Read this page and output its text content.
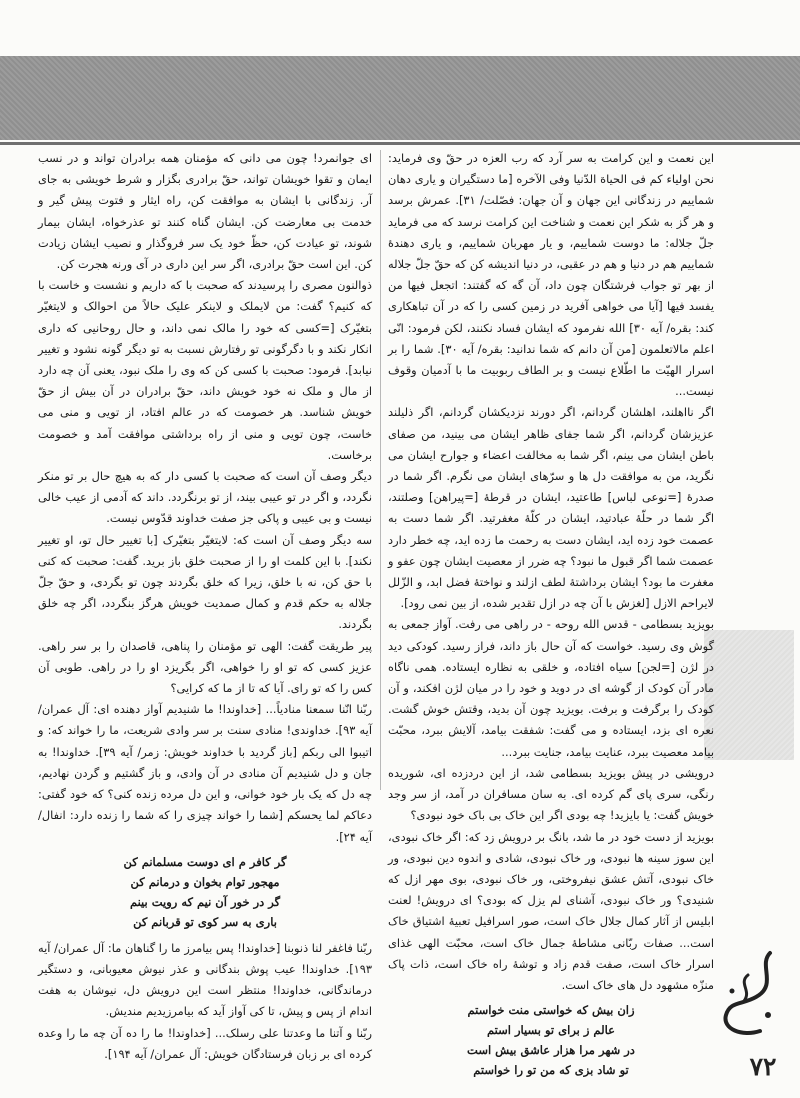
این نعمت و این کرامت به سر آرد که رب العزه در حقّ وی فرماید: نحن اولیاء کم فی الحیاة الدّنیا وفی الآخره [ما دستگیران و یاری دهان شماییم در زندگانی این جهان و آن جهان: فصّلت/ ۳۱]. عمرش برسد و هر گز به شکر این نعمت و شناخت این کرامت نرسد که می فرماید جلّ جلاله: ما دوست شماییم، و یار مهربان شماییم، و یاری دهندهٔ شماییم هم در دنیا و هم در عقبی، در دنیا اندیشه کن که حقّ جلّ جلاله از بهر تو جواب فرشتگان چون داد، آن گه که گفتند: اتجعل فیها من یفسد فیها [آیا می خواهی آفرید در زمین کسی را که در آن تباهکاری کند: بقره/ آیه ۳۰] الله نفرمود که ایشان فساد نکنند، لکن فرمود: انّی اعلم مالاتعلمون [من آن دانم که شما ندانید: بقره/ آیه ۳۰]. شما را بر اسرار الهیّت ما اطّلاع نیست و بر الطاف ربوبیت ما با آدمیان وقوف نیست...

اگر نااهلند، اهلشان گردانم، اگر دورند نزدیکشان گردانم، اگر ذلیلند عزیزشان گردانم، اگر شما جفای ظاهر ایشان می بینید، من صفای باطن ایشان می بینم، اگر شما به مخالفت اعضاء و جوارح ایشان می نگرید، من به موافقت دل ها و سرّهای ایشان می نگرم. اگر شما در صدرهٔ [=نوعی لباس] طاعتید، ایشان در قرطهٔ [=پیراهن] وصلتند، اگر شما در حلّهٔ عبادتید، ایشان در کلّهٔ مغفرتید. اگر شما دست به عصمت خود زده اید، ایشان دست به رحمت ما زده اید، چه خطر دارد عصمت شما اگر قبول ما نبود؟ چه ضرر از معصیت ایشان چون عفو و مغفرت ما بود؟ ایشان برداشتهٔ لطف ازلند و نواختهٔ فضل ابد، و الزّلل لایراحم الازل [لغزش با آن چه در ازل تقدیر شده، از بین نمی رود].

بویزید بسطامی - قدس الله روحه - در راهی می رفت. آواز جمعی به گوش وی رسید. خواست که آن حال باز داند، فراز رسید. کودکی دید در لژن [=لجن] سیاه افتاده، و خلقی به نظاره ایستاده. همی ناگاه مادر آن کودک از گوشه ای در دوید و خود را در میان لژن افکند، و آن کودک را برگرفت و برفت. بویزید چون آن بدید، وقتش خوش گشت. نعره ای بزد، ایستاده و می گفت: شفقت بیامد، آلایش ببرد، محبّت بیامد معصیت ببرد، عنایت بیامد، جنایت ببرد...

درویشی در پیش بویزید بسطامی شد، از این دردزده ای، شوریده رنگی، سری پای گم کرده ای. به سان مسافران در آمد، از سر وجد خویش گفت: یا بایزید! چه بودی اگر این خاک بی باک خود نبودی؟

بویزید از دست خود در ما شد، بانگ بر درویش زد که: اگر خاک نبودی، این سوز سینه ها نبودی، ور خاک نبودی، شادی و اندوه دین نبودی، ور خاک نبودی، آتش عشق نیفروختی، ور خاک نبودی، بوی مهر ازل که شنیدی؟ ور خاک نبودی، آشنای لم یزل که بودی؟ ای درویش! لعنت ابلیس از آثار کمال جلال خاک است، صور اسرافیل تعبیهٔ اشتیاق خاک است... صفات ربّانی مشاطهٔ جمال خاک است، محبّت الهی غذای اسرار خاک است، صفت قدم زاد و توشهٔ راه خاک است، ذات پاک منزّه مشهود دل های خاک است.

زان بیش که خواستی منت خواستم
عالم ز برای تو بسیار استم
در شهر مرا هزار عاشق بیش است
تو شاد بزی که من تو را خواستم

ای جوانمرد! چون می دانی که مؤمنان همه برادران تواند و در نسب ایمان و تقوا خویشان تواند، حقّ برادری بگزار و شرط خویشی به جای آر. زندگانی با ایشان به موافقت کن، راه ایثار و فتوت پیش گیر و خدمت بی معارضت کن. ایشان گناه کنند تو عذرخواه، ایشان بیمار شوند، تو عیادت کن، حظّ خود یک سر فروگذار و نصیب ایشان زیادت کن. این است حقّ برادری، اگر سر این داری در آی ورنه هجرت کن.

ذوالنون مصری را پرسیدند که صحبت با که داریم و نشست و خاست با که کنیم؟ گفت: من لایملک و لاینکر علیک حالاً من احوالک و لایتغیّر بتغیّرک [=کسی که خود را مالک نمی داند، و حال روحانیی که داری انکار نکند و با دگرگونی تو رفتارش نسبت به تو دیگر گونه نشود و تغییر نیابد]. فرمود: صحبت با کسی کن که وی را ملک نبود، یعنی آن چه دارد از مال و ملک نه خود خویش داند، حقّ برادران در آن بیش از حقّ خویش شناسد. هر خصومت که در عالم افتاد، از تویی و منی می خاست، چون تویی و منی از راه برداشتی موافقت آمد و خصومت برخاست.

دیگر وصف آن است که صحبت با کسی دار که به هیچ حال بر تو منکر نگردد، و اگر در تو عیبی بیند، از تو برنگردد. داند که آدمی از عیب خالی نیست و بی عیبی و پاکی جز صفت خداوند قدّوس نیست.

سه دیگر وصف آن است که: لایتغیّر بتغیّرک [با تغییر حال تو، او تغییر نکند]. با این کلمت او را از صحبت خلق باز برید. گفت: صحبت که کنی با حق کن، نه با خلق، زیرا که خلق بگردند چون تو بگردی، و حقّ جلّ جلاله به حکم قدم و کمال صمدیت خویش هرگز بنگردد، اگر چه خلق بگردند.

پیر طریقت گفت: الهی تو مؤمنان را پناهی، قاصدان را بر سر راهی. عزیز کسی که تو او را خواهی، اگر بگریزد او را در راهی. طوبی آن کس را که تو رای. آیا که تا از ما که کرایی؟

ربّنا انّنا سمعنا منادیاً... [خداوندا! ما شنیدیم آواز دهنده ای: آل عمران/ آیه ۹۳]. خداوندی! منادی سنت بر سر وادی شریعت، ما را خواند که: و اتیبوا الی ربکم [باز گردید با خداوند خویش: زمر/ آیه ۳۹]. خداوندا! به جان و دل شنیدیم آن منادی در آن وادی، و باز گشتیم و گردن نهادیم، چه دل که یک بار خود خوانی، و این دل مرده زنده کنی؟ که خود گفتی: دعاکم لما یحسکم [شما را خواند چیزی را که شما را زنده دارد: انفال/ آیه ۲۴].

گر کافر م ای دوست مسلمانم کن
مهجور توام بخوان و درمانم کن
گر در خور آن نیم که رویت بینم
باری به سر کوی تو قربانم کن

ربّنا فاغفر لنا ذنوبنا [خداوندا! پس بیامرز ما را گناهان ما: آل عمران/ آیه ۱۹۳]. خداوندا! عیب پوش بندگانی و عذر نیوش معیوبانی، و دستگیر درماندگانی، خداوندا! منتظر است این درویش دل، نیوشان به هفت اندام از پس و پیش، تا کی آواز آید که بیامرزیدیم مندیش.

ربّنا و آتنا ما وعدتنا علی رسلک... [خداوندا! ما را ده آن چه ما را وعده کرده ای بر زبان فرستادگان خویش: آل عمران/ آیه ۱۹۴].	۷۲
